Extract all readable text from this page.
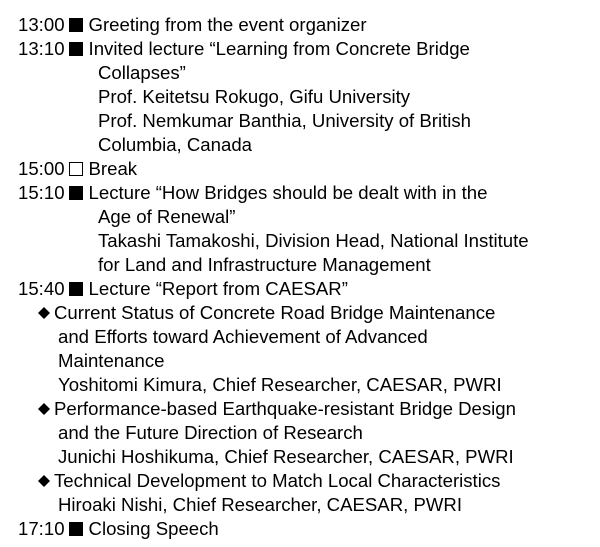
13:00 Greeting from the event organizer
13:10 Invited lecture “Learning from Concrete Bridge
Collapses”
Prof. Keitetsu Rokugo, Gifu University
Prof. Nemkumar Banthia, University of British
Columbia, Canada
15:00 Break
15:10 Lecture “How Bridges should be dealt with in the
Age of Renewal”
Takashi Tamakoshi, Division Head, National Institute
for Land and Infrastructure Management
15:40 Lecture “Report from CAESAR”
Current Status of Concrete Road Bridge Maintenance
and Efforts toward Achievement of Advanced
Maintenance
Yoshitomi Kimura, Chief Researcher, CAESAR, PWRI
Performance-based Earthquake-resistant Bridge Design
and the Future Direction of Research
Junichi Hoshikuma, Chief Researcher, CAESAR, PWRI
Technical Development to Match Local Characteristics
Hiroaki Nishi, Chief Researcher, CAESAR, PWRI
17:10 Closing Speech
